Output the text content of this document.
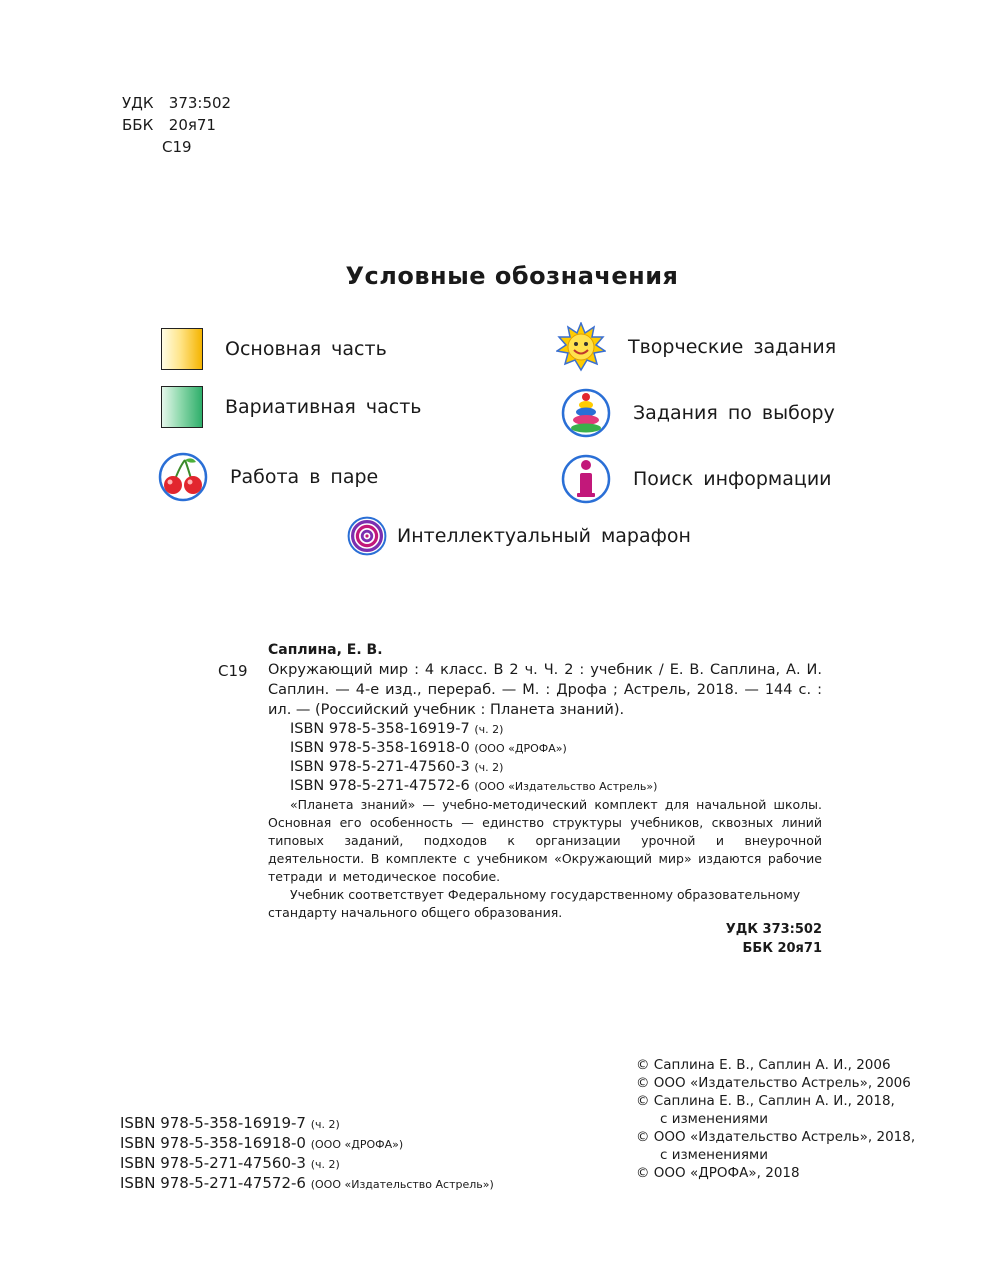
УДК 373:502
ББК 20я71
С19
Условные обозначения
Основная часть
Вариативная часть
Работа в паре
Творческие задания
Задания по выбору
Поиск информации
Интеллектуальный марафон
Саплина, Е. В.
С19 Окружающий мир : 4 класс. В 2 ч. Ч. 2 : учебник / Е. В. Саплина, А. И. Саплин. — 4-е изд., перераб. — М. : Дрофа ; Астрель, 2018. — 144 с. : ил. — (Российский учебник : Планета знаний).
ISBN 978-5-358-16919-7 (ч. 2)
ISBN 978-5-358-16918-0 (ООО «ДРОФА»)
ISBN 978-5-271-47560-3 (ч. 2)
ISBN 978-5-271-47572-6 (ООО «Издательство Астрель»)
«Планета знаний» — учебно-методический комплект для начальной школы. Основная его особенность — единство структуры учебников, сквозных линий типовых заданий, подходов к организации урочной и внеурочной деятельности. В комплекте с учебником «Окружающий мир» издаются рабочие тетради и методическое пособие.
Учебник соответствует Федеральному государственному образовательному стандарту начального общего образования.
УДК 373:502
ББК 20я71
© Саплина Е. В., Саплин А. И., 2006
© ООО «Издательство Астрель», 2006
© Саплина Е. В., Саплин А. И., 2018,
с изменениями
© ООО «Издательство Астрель», 2018,
с изменениями
© ООО «ДРОФА», 2018
ISBN 978-5-358-16919-7 (ч. 2)
ISBN 978-5-358-16918-0 (ООО «ДРОФА»)
ISBN 978-5-271-47560-3 (ч. 2)
ISBN 978-5-271-47572-6 (ООО «Издательство Астрель»)
